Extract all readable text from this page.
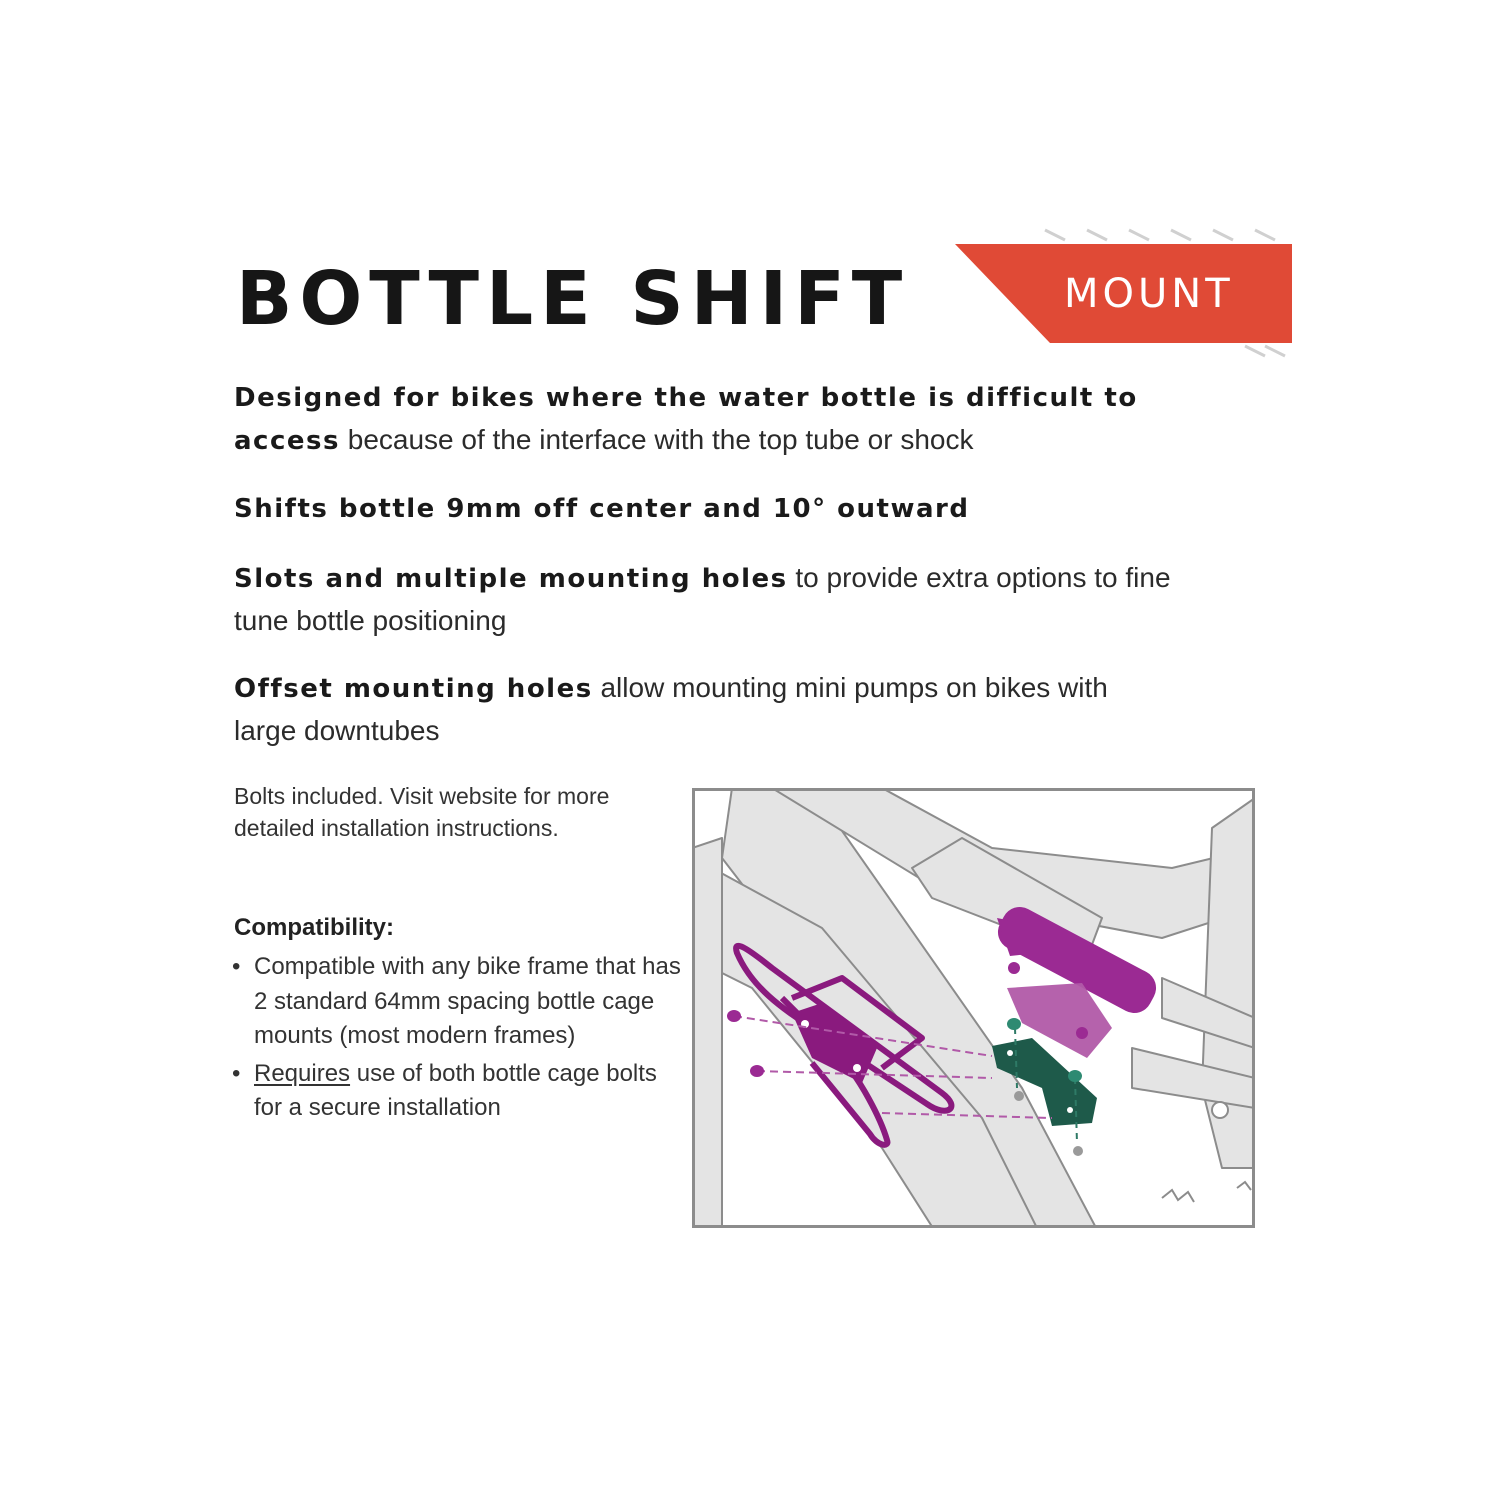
BOTTLE SHIFT	MOUNT
Designed for bikes where the water bottle is difficult to access because of the interface with the top tube or shock
Shifts bottle 9mm off center and 10° outward
Slots and multiple mounting holes to provide extra options to fine tune bottle positioning
Offset mounting holes allow mounting mini pumps on bikes with large downtubes
Bolts included. Visit website for more detailed installation instructions.
Compatibility:
• Compatible with any bike frame that has 2 standard 64mm spacing bottle cage mounts (most modern frames)
• Requires use of both bottle cage bolts for a secure installation
